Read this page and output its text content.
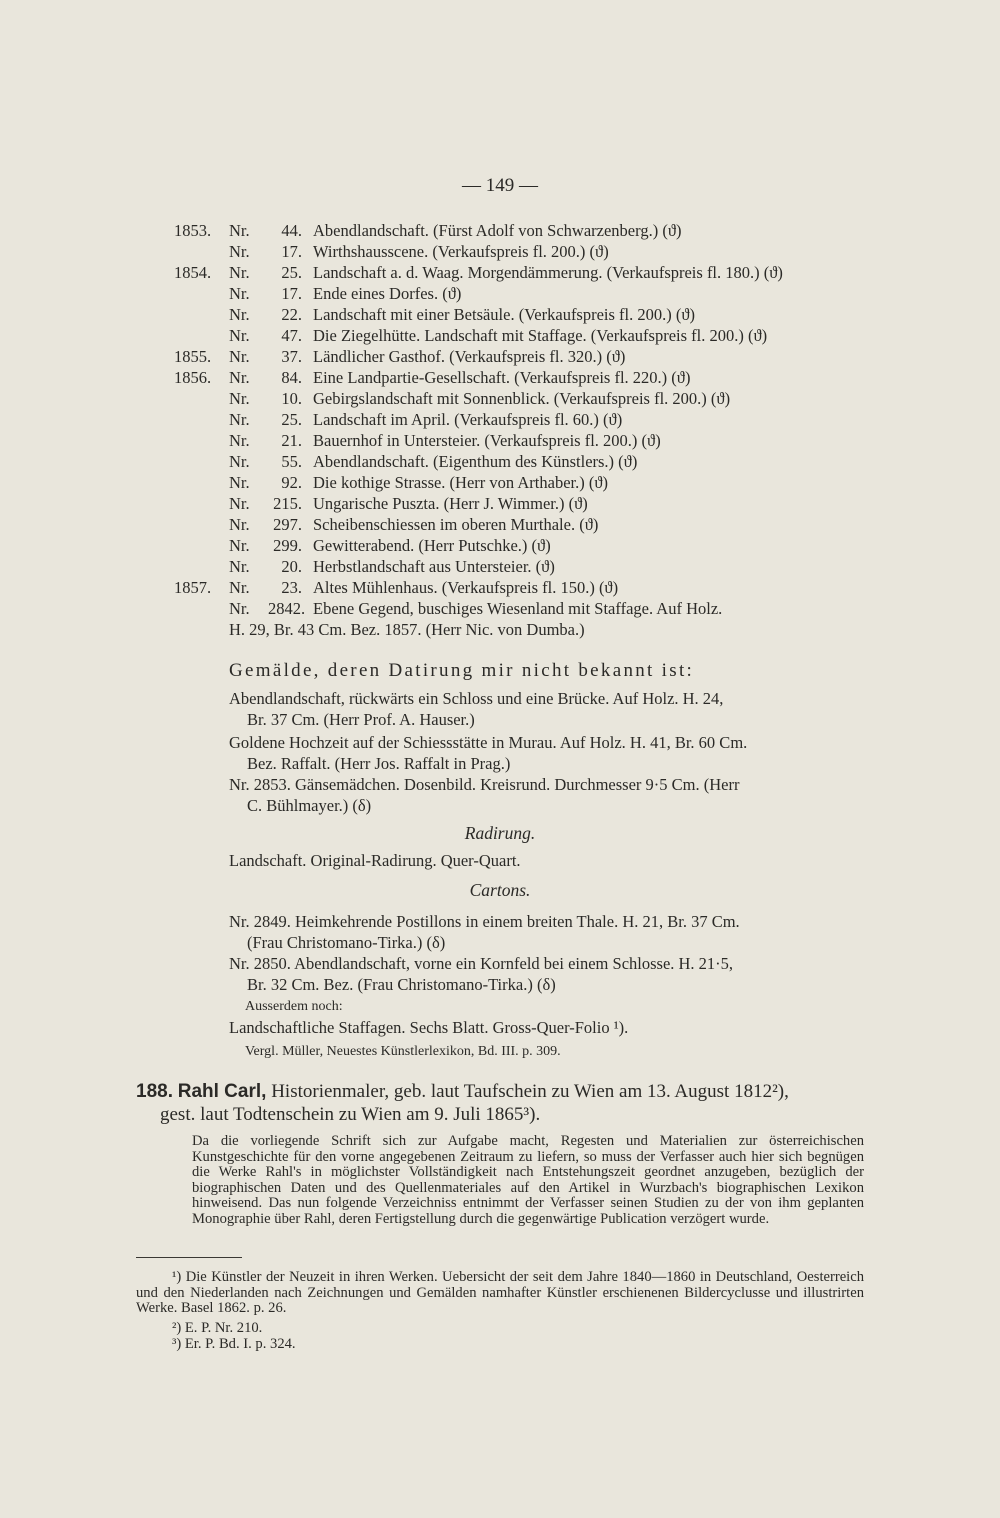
— 149 —
1853. Nr.	44. Abendlandschaft. (Fürst Adolf von Schwarzenberg.) (ϑ)
Nr.	17. Wirthshausscene. (Verkaufspreis fl. 200.) (ϑ)
1854. Nr.	25. Landschaft a. d. Waag. Morgendämmerung. (Verkaufspreis fl. 180.) (ϑ)
Nr.	17. Ende eines Dorfes. (ϑ)
Nr.	22. Landschaft mit einer Betsäule. (Verkaufspreis fl. 200.) (ϑ)
Nr.	47. Die Ziegelhütte. Landschaft mit Staffage. (Verkaufspreis fl. 200.) (ϑ)
1855. Nr.	37. Ländlicher Gasthof. (Verkaufspreis fl. 320.) (ϑ)
1856. Nr.	84. Eine Landpartie-Gesellschaft. (Verkaufspreis fl. 220.) (ϑ)
Nr.	10. Gebirgslandschaft mit Sonnenblick. (Verkaufspreis fl. 200.) (ϑ)
Nr.	25. Landschaft im April. (Verkaufspreis fl. 60.) (ϑ)
Nr.	21. Bauernhof in Untersteier. (Verkaufspreis fl. 200.) (ϑ)
Nr.	55. Abendlandschaft. (Eigenthum des Künstlers.) (ϑ)
Nr.	92. Die kothige Strasse. (Herr von Arthaber.) (ϑ)
Nr.	215. Ungarische Puszta. (Herr J. Wimmer.) (ϑ)
Nr.	297. Scheibenschiessen im oberen Murthale. (ϑ)
Nr.	299. Gewitterabend. (Herr Putschke.) (ϑ)
Nr.	20. Herbstlandschaft aus Untersteier. (ϑ)
1857. Nr.	23. Altes Mühlenhaus. (Verkaufspreis fl. 150.) (ϑ)
Nr. 2842. Ebene Gegend, buschiges Wiesenland mit Staffage. Auf Holz.
H. 29, Br. 43 Cm. Bez. 1857. (Herr Nic. von Dumba.)
Gemälde, deren Datirung mir nicht bekannt ist:
Abendlandschaft, rückwärts ein Schloss und eine Brücke. Auf Holz. H. 24,
Br. 37 Cm. (Herr Prof. A. Hauser.)
Goldene Hochzeit auf der Schiessstätte in Murau. Auf Holz. H. 41, Br. 60 Cm.
Bez. Raffalt. (Herr Jos. Raffalt in Prag.)
Nr. 2853. Gänsemädchen. Dosenbild. Kreisrund. Durchmesser 9·5 Cm. (Herr
C. Bühlmayer.) (δ)
Radirung.
Landschaft. Original-Radirung. Quer-Quart.
Cartons.
Nr. 2849. Heimkehrende Postillons in einem breiten Thale. H. 21, Br. 37 Cm.
(Frau Christomano-Tirka.) (δ)
Nr. 2850. Abendlandschaft, vorne ein Kornfeld bei einem Schlosse. H. 21·5,
Br. 32 Cm. Bez. (Frau Christomano-Tirka.) (δ)
Ausserdem noch:
Landschaftliche Staffagen. Sechs Blatt. Gross-Quer-Folio ¹).
Vergl. Müller, Neuestes Künstlerlexikon, Bd. III. p. 309.
188. Rahl Carl, Historienmaler, geb. laut Taufschein zu Wien am 13. August 1812²),
gest. laut Todtenschein zu Wien am 9. Juli 1865³).
Da die vorliegende Schrift sich zur Aufgabe macht, Regesten und Materialien zur österreichischen Kunstgeschichte für den vorne angegebenen Zeitraum zu liefern, so muss der Verfasser auch hier sich begnügen die Werke Rahl's in möglichster Vollständigkeit nach Entstehungszeit geordnet anzugeben, bezüglich der biographischen Daten und des Quellenmateriales auf den Artikel in Wurzbach's biographischen Lexikon hinweisend. Das nun folgende Verzeichniss entnimmt der Verfasser seinen Studien zu der von ihm geplanten Monographie über Rahl, deren Fertigstellung durch die gegenwärtige Publication verzögert wurde.
¹) Die Künstler der Neuzeit in ihren Werken. Uebersicht der seit dem Jahre 1840—1860 in Deutschland, Oesterreich und den Niederlanden nach Zeichnungen und Gemälden namhafter Künstler erschienenen Bildercyclusse und illustrirten Werke. Basel 1862. p. 26.
²) E. P. Nr. 210.
³) Er. P. Bd. I. p. 324.
